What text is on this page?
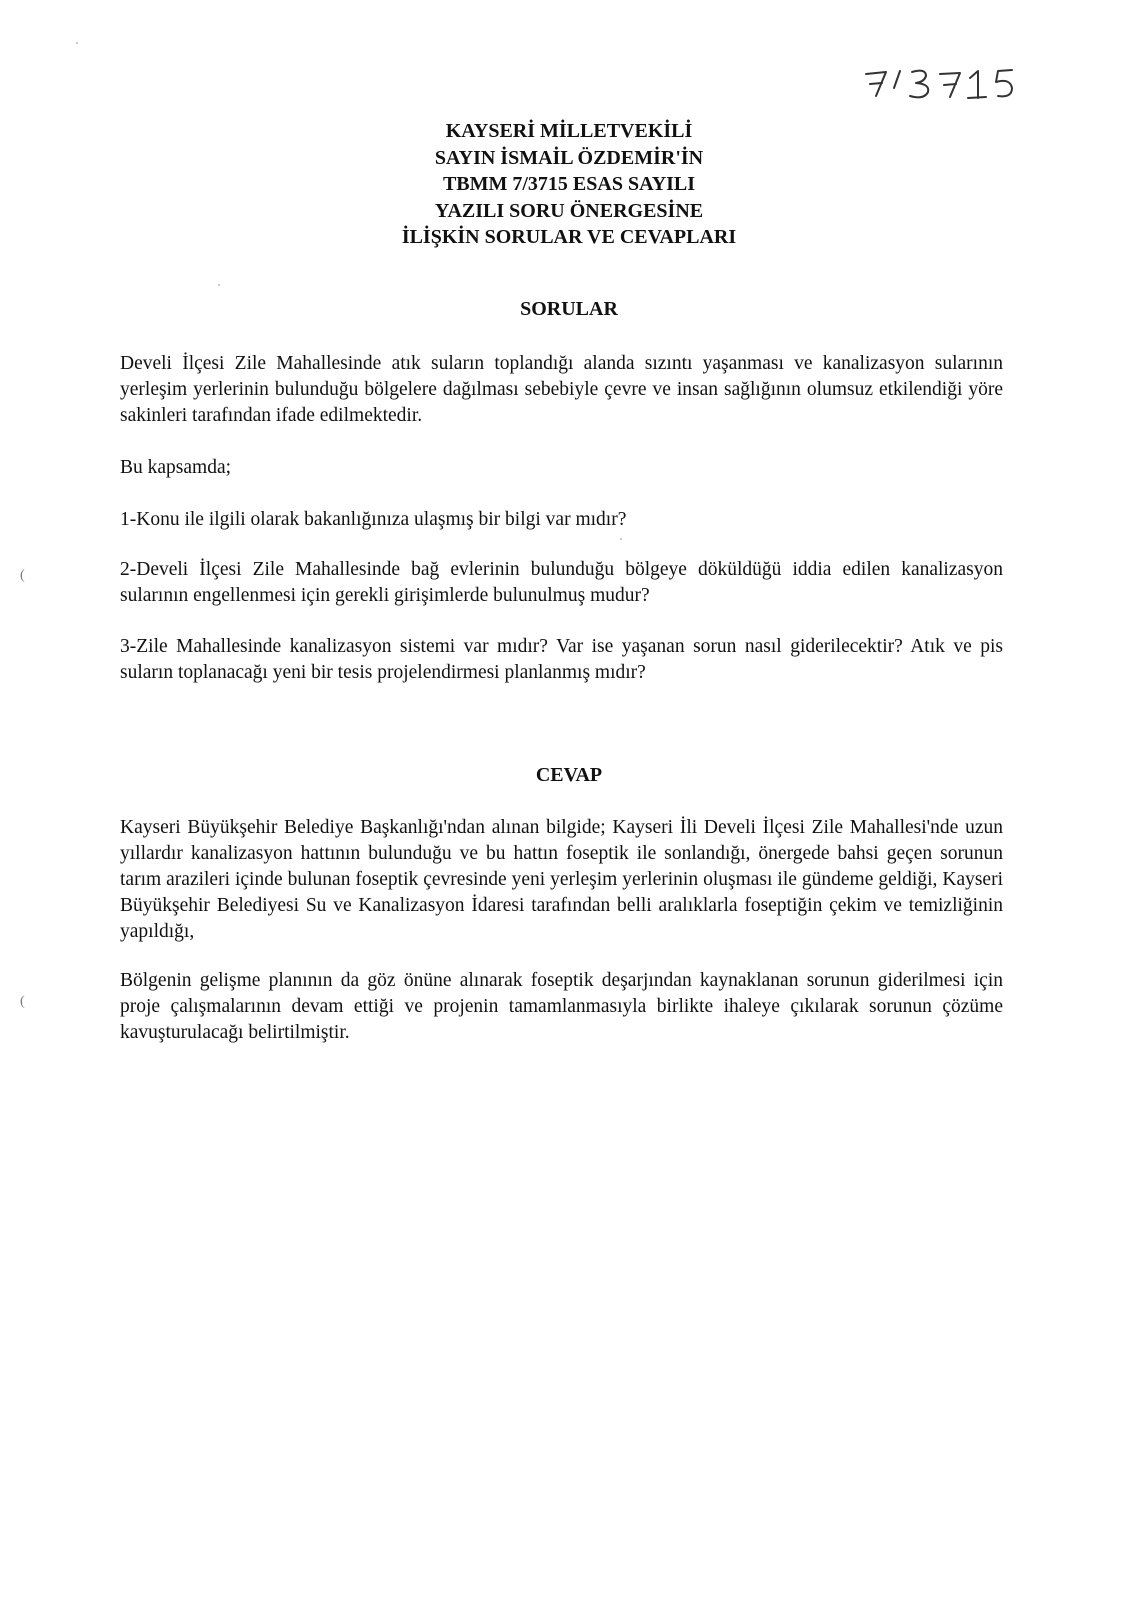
KAYSERİ MİLLETVEKİLİ
SAYIN İSMAİL ÖZDEMİR'İN
TBMM 7/3715 ESAS SAYILI
YAZILI SORU ÖNERGESİNE
İLİŞKİN SORULAR VE CEVAPLARI
SORULAR
Develi İlçesi Zile Mahallesinde atık suların toplandığı alanda sızıntı yaşanması ve kanalizasyon sularının yerleşim yerlerinin bulunduğu bölgelere dağılması sebebiyle çevre ve insan sağlığının olumsuz etkilendiği yöre sakinleri tarafından ifade edilmektedir.
Bu kapsamda;
1-Konu ile ilgili olarak bakanlığınıza ulaşmış bir bilgi var mıdır?
2-Develi İlçesi Zile Mahallesinde bağ evlerinin bulunduğu bölgeye döküldüğü iddia edilen kanalizasyon sularının engellenmesi için gerekli girişimlerde bulunulmuş mudur?
3-Zile Mahallesinde kanalizasyon sistemi var mıdır? Var ise yaşanan sorun nasıl giderilecektir? Atık ve pis suların toplanacağı yeni bir tesis projelendirmesi planlanmış mıdır?
CEVAP
Kayseri Büyükşehir Belediye Başkanlığı'ndan alınan bilgide; Kayseri İli Develi İlçesi Zile Mahallesi'nde uzun yıllardır kanalizasyon hattının bulunduğu ve bu hattın foseptik ile sonlandığı, önergede bahsi geçen sorunun tarım arazileri içinde bulunan foseptik çevresinde yeni yerleşim yerlerinin oluşması ile gündeme geldiği, Kayseri Büyükşehir Belediyesi Su ve Kanalizasyon İdaresi tarafından belli aralıklarla foseptiğin çekim ve temizliğinin yapıldığı,
Bölgenin gelişme planının da göz önüne alınarak foseptik deşarjından kaynaklanan sorunun giderilmesi için proje çalışmalarının devam ettiği ve projenin tamamlanmasıyla birlikte ihaleye çıkılarak sorunun çözüme kavuşturulacağı belirtilmiştir.
(
(
